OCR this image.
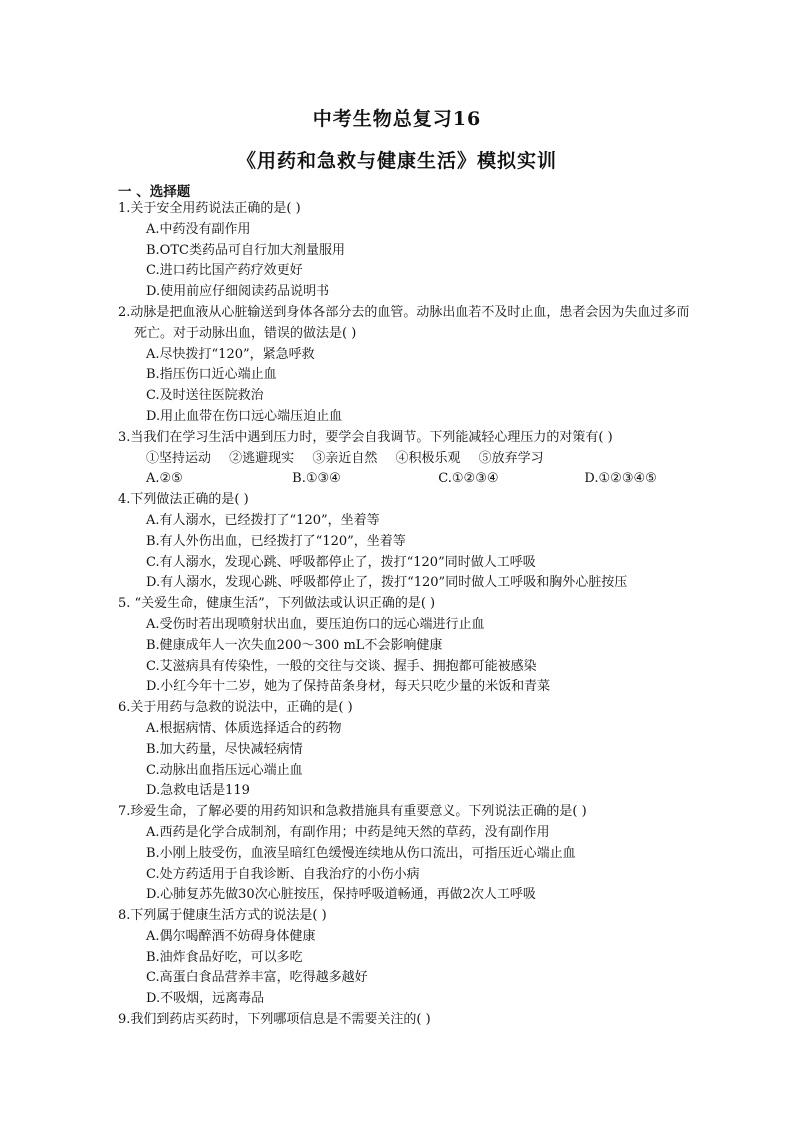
中考生物总复习16
《用药和急救与健康生活》模拟实训
一 、选择题
1.关于安全用药说法正确的是( )
A.中药没有副作用
B.OTC类药品可自行加大剂量服用
C.进口药比国产药疗效更好
D.使用前应仔细阅读药品说明书
2.动脉是把血液从心脏输送到身体各部分去的血管。动脉出血若不及时止血，患者会因为失血过多而死亡。对于动脉出血，错误的做法是( )
A.尽快拨打“120”，紧急呼救
B.指压伤口近心端止血
C.及时送往医院救治
D.用止血带在伤口远心端压迫止血
3.当我们在学习生活中遇到压力时，要学会自我调节。下列能减轻心理压力的对策有( )
①坚持运动 ②逃避现实 ③亲近自然 ④积极乐观 ⑤放弃学习
A.②⑤	B.①③④	C.①②③④	D.①②③④⑤
4.下列做法正确的是( )
A.有人溺水，已经拨打了“120”，坐着等
B.有人外伤出血，已经拨打了“120”，坐着等
C.有人溺水，发现心跳、呼吸都停止了，拨打“120”同时做人工呼吸
D.有人溺水，发现心跳、呼吸都停止了，拨打“120”同时做人工呼吸和胸外心脏按压
5. “关爱生命，健康生活”，下列做法或认识正确的是( )
A.受伤时若出现喷射状出血，要压迫伤口的远心端进行止血
B.健康成年人一次失血200～300 mL不会影响健康
C.艾滋病具有传染性，一般的交往与交谈、握手、拥抱都可能被感染
D.小红今年十二岁，她为了保持苗条身材，每天只吃少量的米饭和青菜
6.关于用药与急救的说法中，正确的是( )
A.根据病情、体质选择适合的药物
B.加大药量，尽快减轻病情
C.动脉出血指压远心端止血
D.急救电话是119
7.珍爱生命，了解必要的用药知识和急救措施具有重要意义。下列说法正确的是( )
A.西药是化学合成制剂，有副作用；中药是纯天然的草药，没有副作用
B.小刚上肢受伤，血液呈暗红色缓慢连续地从伤口流出，可指压近心端止血
C.处方药适用于自我诊断、自我治疗的小伤小病
D.心肺复苏先做30次心脏按压，保持呼吸道畅通，再做2次人工呼吸
8.下列属于健康生活方式的说法是( )
A.偶尔喝醉酒不妨碍身体健康
B.油炸食品好吃，可以多吃
C.高蛋白食品营养丰富，吃得越多越好
D.不吸烟，远离毒品
9.我们到药店买药时，下列哪项信息是不需要关注的( )
